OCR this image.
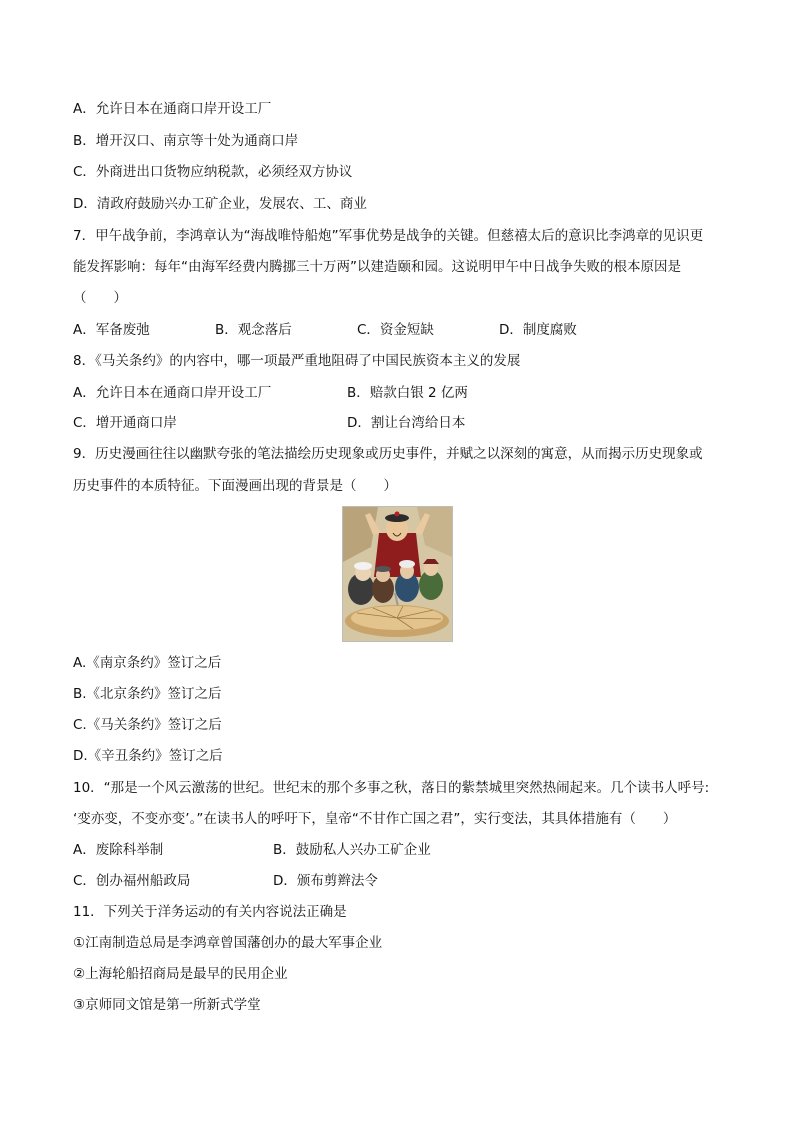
A．允许日本在通商口岸开设工厂
B．增开汉口、南京等十处为通商口岸
C．外商进出口货物应纳税款，必须经双方协议
D．清政府鼓励兴办工矿企业，发展农、工、商业
7．甲午战争前，李鸿章认为“海战唯恃船炮”军事优势是战争的关键。但慈禧太后的意识比李鸿章的见识更
能发挥影响：每年“由海军经费内腾挪三十万两”以建造颐和园。这说明甲午中日战争失败的根本原因是
（　　）
A．军备废弛	B．观念落后	C．资金短缺	D．制度腐败
8．《马关条约》的内容中，哪一项最严重地阻碍了中国民族资本主义的发展
A．允许日本在通商口岸开设工厂	B．赔款白银 2 亿两
C．增开通商口岸	D．割让台湾给日本
9．历史漫画往往以幽默夸张的笔法描绘历史现象或历史事件，并赋之以深刻的寓意，从而揭示历史现象或
历史事件的本质特征。下面漫画出现的背景是（　　）
A.《南京条约》签订之后
B.《北京条约》签订之后
C.《马关条约》签订之后
D.《辛丑条约》签订之后
10．“那是一个风云激荡的世纪。世纪末的那个多事之秋，落日的紫禁城里突然热闹起来。几个读书人呼号:
‘变亦变，不变亦变’。”在读书人的呼吁下，皇帝“不甘作亡国之君”，实行变法，其具体措施有（　　）
A．废除科举制	B．鼓励私人兴办工矿企业
C．创办福州船政局	D．颁布剪辫法令
11．下列关于洋务运动的有关内容说法正确是
①江南制造总局是李鸿章曾国藩创办的最大军事企业
②上海轮船招商局是最早的民用企业
③京师同文馆是第一所新式学堂
